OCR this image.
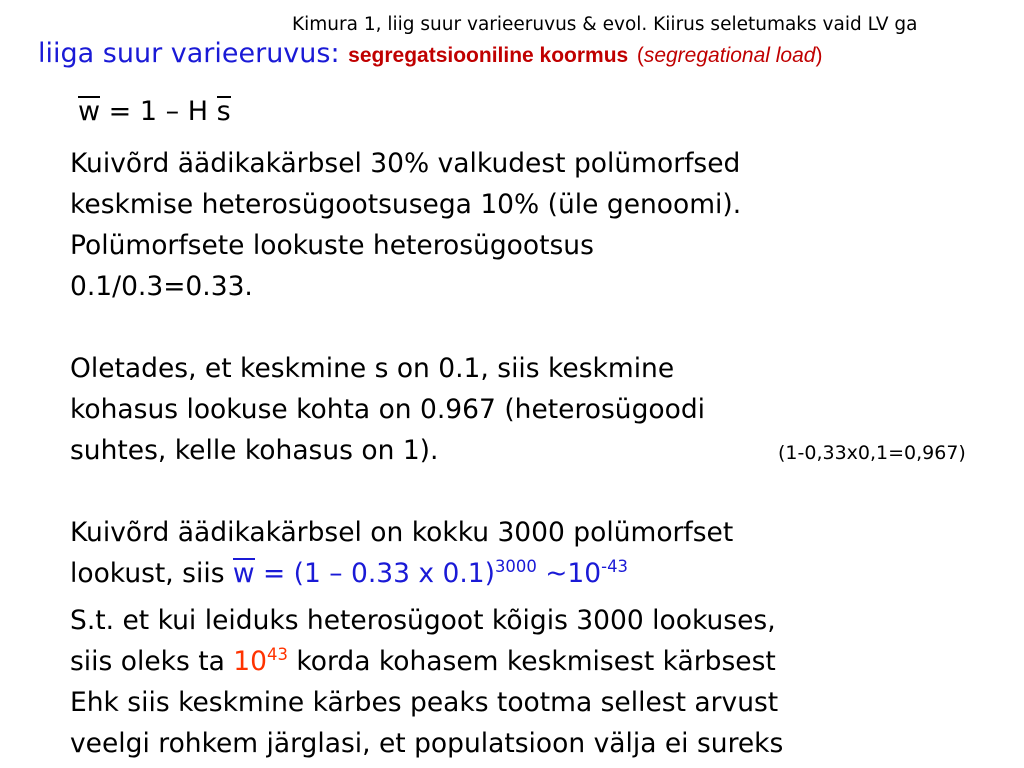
Kimura 1, liig suur varieeruvus & evol. Kiirus seletumaks vaid LV ga
liiga suur varieeruvus: segregatsiooniline koormus (segregational load)
w = 1 – H s
Kuivõrd äädikakärbsel 30% valkudest polümorfsed
keskmise heterosügootsusega 10% (üle genoomi).
Polümorfsete lookuste heterosügootsus
0.1/0.3=0.33.
Oletades, et keskmine s on 0.1, siis keskmine
kohasus lookuse kohta on 0.967 (heterosügoodi
suhtes, kelle kohasus on 1).	(1-0,33x0,1=0,967)
Kuivõrd äädikakärbsel on kokku 3000 polümorfset
lookust, siis w = (1 – 0.33 x 0.1)$^{3000}$ $\sim 10^{-43}$
S.t. et kui leiduks heterosügoot kõigis 3000 lookuses,
siis oleks ta $10^{43}$ korda kohasem keskmisest kärbsest
Ehk siis keskmine kärbes peaks tootma sellest arvust
veelgi rohkem järglasi, et populatsioon välja ei sureks
